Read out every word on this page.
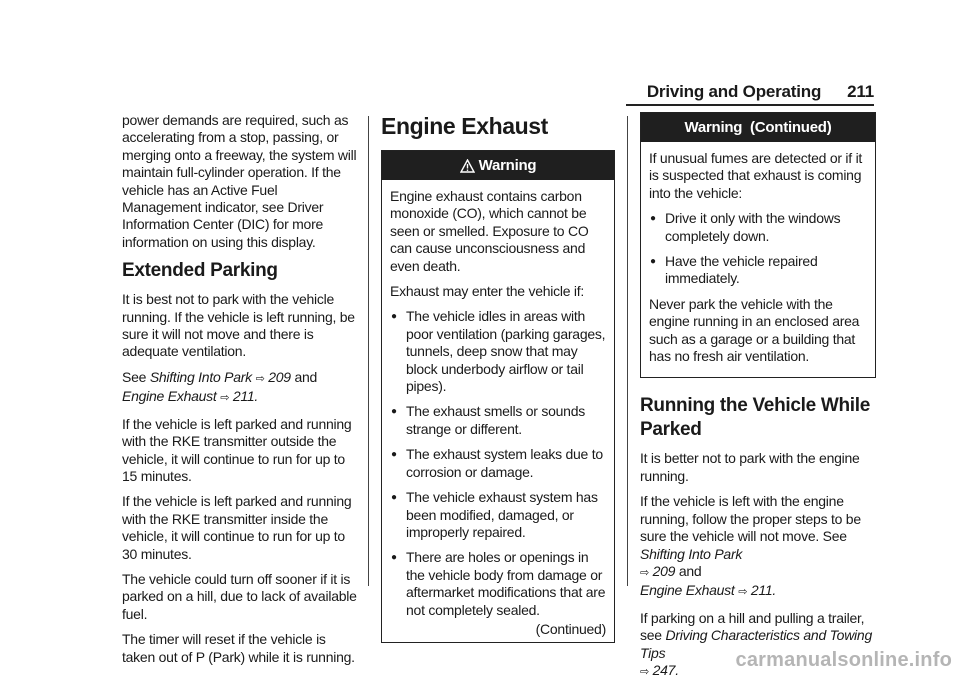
Driving and Operating 211

power demands are required, such as accelerating from a stop, passing, or merging onto a freeway, the system will maintain full-cylinder operation. If the vehicle has an Active Fuel Management indicator, see Driver Information Center (DIC) for more information on using this display.

Extended Parking

It is best not to park with the vehicle running. If the vehicle is left running, be sure it will not move and there is adequate ventilation.

See Shifting Into Park ⇨ 209 and
Engine Exhaust ⇨ 211.

If the vehicle is left parked and running with the RKE transmitter outside the vehicle, it will continue to run for up to 15 minutes.

If the vehicle is left parked and running with the RKE transmitter inside the vehicle, it will continue to run for up to 30 minutes.

The vehicle could turn off sooner if it is parked on a hill, due to lack of available fuel.

The timer will reset if the vehicle is taken out of P (Park) while it is running.

Engine Exhaust
Warning

Engine exhaust contains carbon monoxide (CO), which cannot be seen or smelled. Exposure to CO can cause unconsciousness and even death.

Exhaust may enter the vehicle if:

● The vehicle idles in areas with poor ventilation (parking garages, tunnels, deep snow that may block underbody airflow or tail pipes).
● The exhaust smells or sounds strange or different.
● The exhaust system leaks due to corrosion or damage.
● The vehicle exhaust system has been modified, damaged, or improperly repaired.
● There are holes or openings in the vehicle body from damage or aftermarket modifications that are not completely sealed.
(Continued)
Warning  (Continued)

If unusual fumes are detected or if it is suspected that exhaust is coming into the vehicle:

● Drive it only with the windows completely down.
● Have the vehicle repaired immediately.

Never park the vehicle with the engine running in an enclosed area such as a garage or a building that has no fresh air ventilation.

Running the Vehicle While Parked

It is better not to park with the engine running.

If the vehicle is left with the engine running, follow the proper steps to be sure the vehicle will not move. See Shifting Into Park
⇨ 209 and
Engine Exhaust ⇨ 211.

If parking on a hill and pulling a trailer, see Driving Characteristics and Towing Tips
⇨ 247.	carmanualsonline.info
